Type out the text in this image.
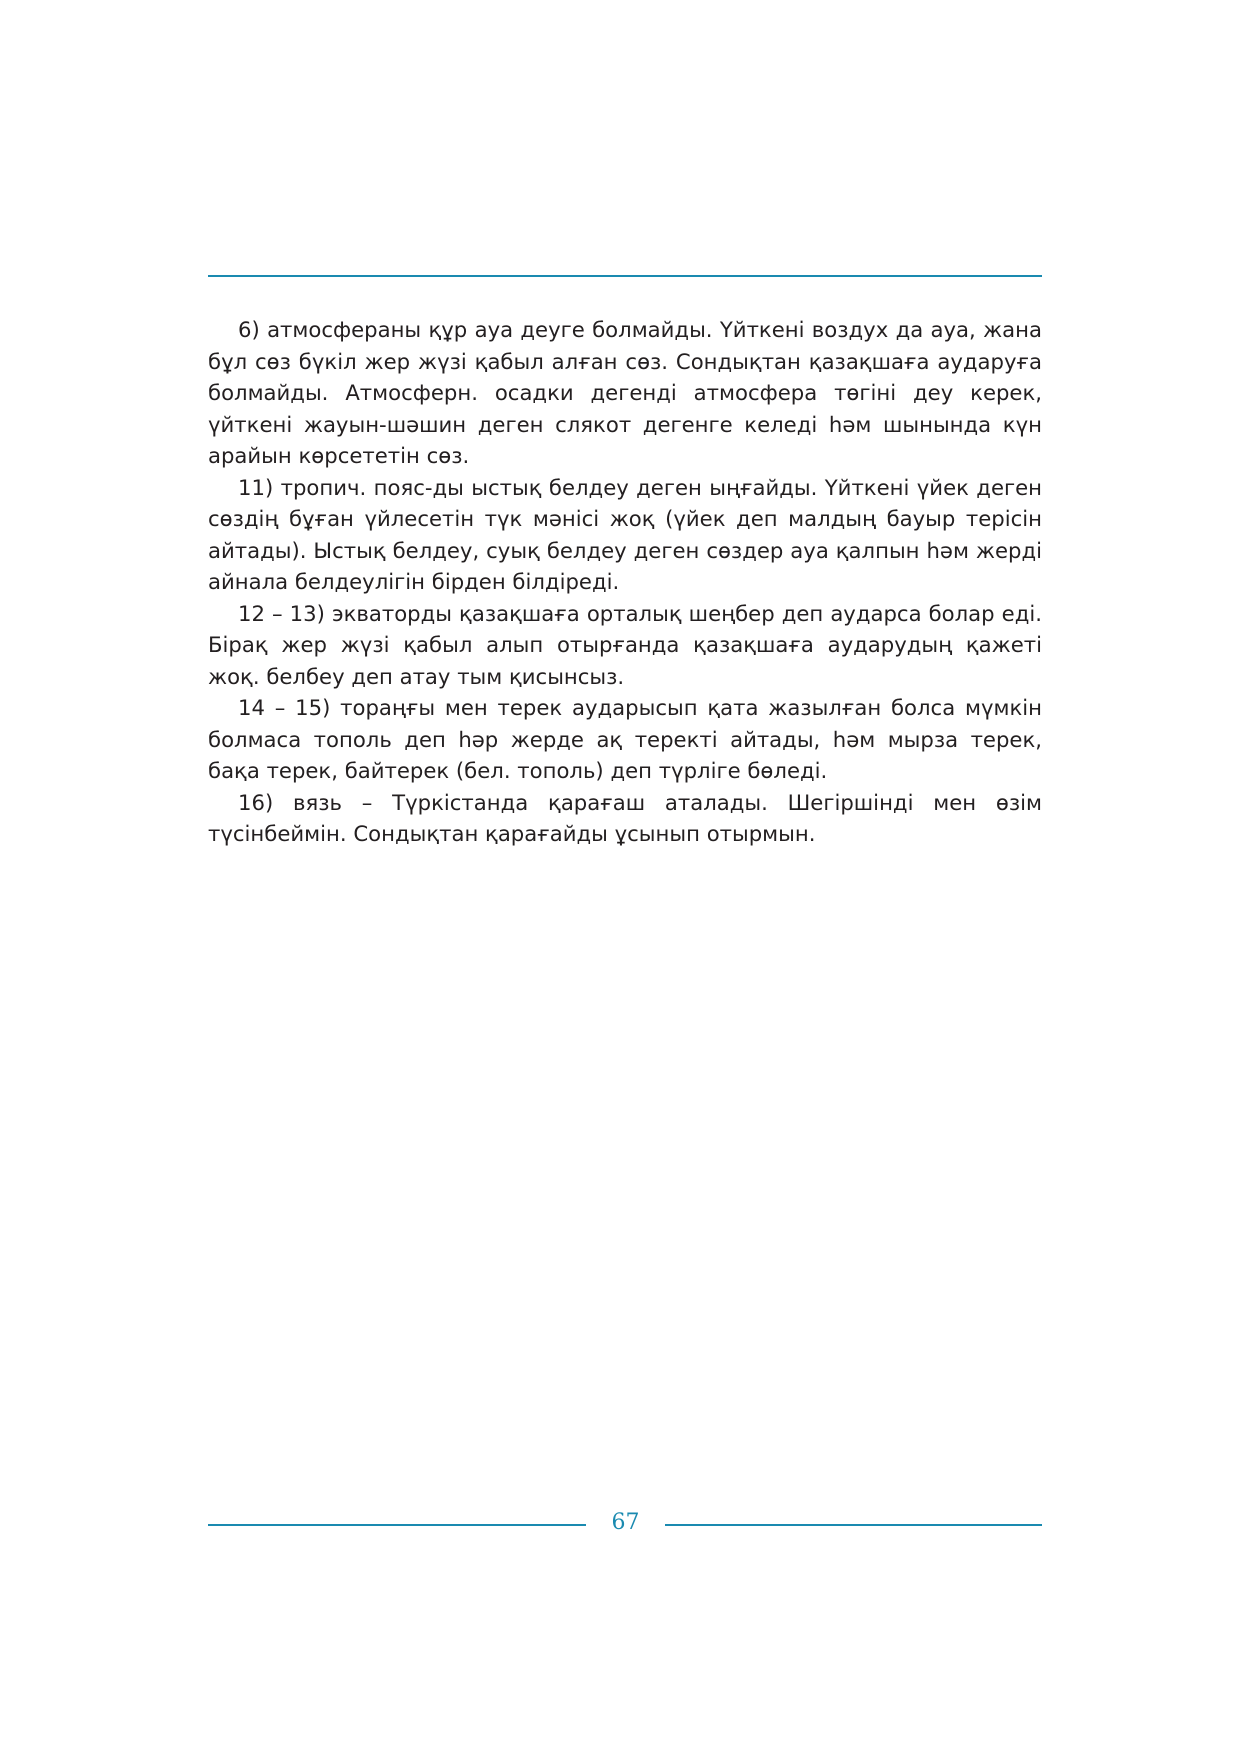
6) атмосфераны құр ауа деуге болмайды. Үйткені воздух да ауа, жана бұл сөз бүкіл жер жүзі қабыл алған сөз. Сондықтан қазақшаға аударуға болмайды. Атмосферн. осадки дегенді атмосфера төгіні деу керек, үйткені жауын-шәшин деген слякот дегенге келеді һәм шынында күн арайын көрсететін сөз.

11) тропич. пояс-ды ыстық белдеу деген ыңғайды. Үйткені үйек деген сөздің бұған үйлесетін түк мәнісі жоқ (үйек деп малдың бауыр терісін айтады). Ыстық белдеу, суық белдеу деген сөздер ауа қалпын һәм жерді айнала белдеулігін бірден білдіреді.

12 – 13) экваторды қазақшаға орталық шеңбер деп аударса болар еді. Бірақ жер жүзі қабыл алып отырғанда қазақшаға аударудың қажеті жоқ. белбеу деп атау тым қисынсыз.

14 – 15) тораңғы мен терек аударысып қата жазылған болса мүмкін болмаса тополь деп һәр жерде ақ теректі айтады, һәм мырза терек, бақа терек, байтерек (бел. тополь) деп түрліге бөледі.

16) вязь – Түркістанда қарағаш аталады. Шегіршінді мен өзім түсінбеймін. Сондықтан қарағайды ұсынып отырмын.

67
